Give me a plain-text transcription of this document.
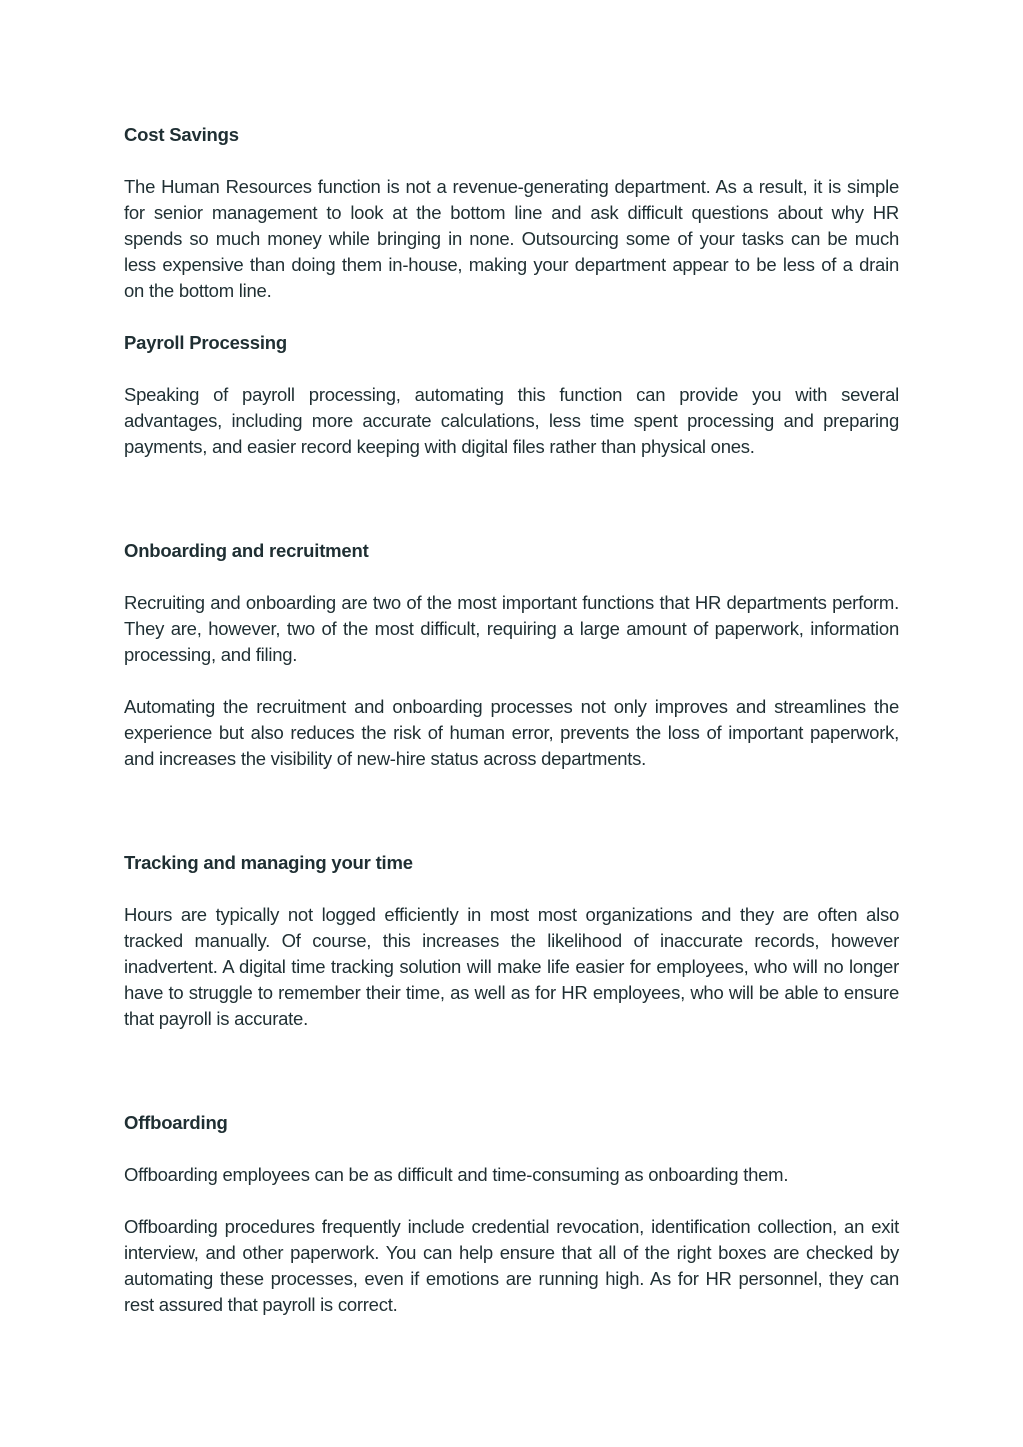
Cost Savings

The Human Resources function is not a revenue-generating department. As a result, it is simple for senior management to look at the bottom line and ask difficult questions about why HR spends so much money while bringing in none. Outsourcing some of your tasks can be much less expensive than doing them in-house, making your department appear to be less of a drain on the bottom line.

Payroll Processing

Speaking of payroll processing, automating this function can provide you with several advantages, including more accurate calculations, less time spent processing and preparing payments, and easier record keeping with digital files rather than physical ones.

Onboarding and recruitment

Recruiting and onboarding are two of the most important functions that HR departments perform. They are, however, two of the most difficult, requiring a large amount of paperwork, information processing, and filing.

Automating the recruitment and onboarding processes not only improves and streamlines the experience but also reduces the risk of human error, prevents the loss of important paperwork, and increases the visibility of new-hire status across departments.

Tracking and managing your time

Hours are typically not logged efficiently in most most organizations and they are often also tracked manually. Of course, this increases the likelihood of inaccurate records, however inadvertent. A digital time tracking solution will make life easier for employees, who will no longer have to struggle to remember their time, as well as for HR employees, who will be able to ensure that payroll is accurate.

Offboarding

Offboarding employees can be as difficult and time-consuming as onboarding them.

Offboarding procedures frequently include credential revocation, identification collection, an exit interview, and other paperwork. You can help ensure that all of the right boxes are checked by automating these processes, even if emotions are running high. As for HR personnel, they can rest assured that payroll is correct.
